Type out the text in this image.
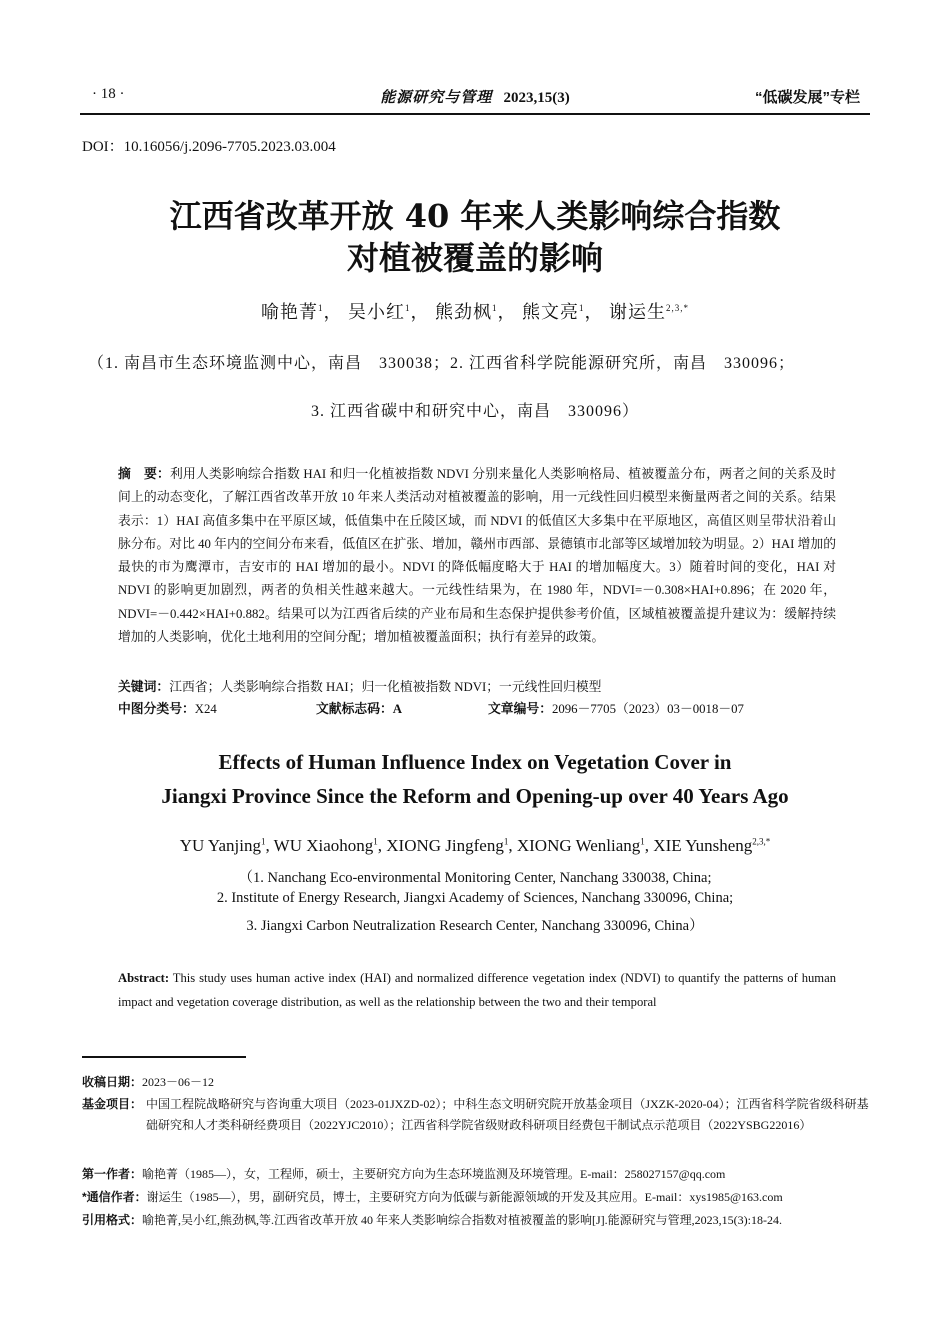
· 18 ·	能源研究与管理 2023,15(3)	“低碳发展”专栏
DOI：10.16056/j.2096-7705.2023.03.004
江西省改革开放 40 年来人类影响综合指数
对植被覆盖的影响
喻艳菁$^1$， 吴小红$^1$， 熊劲枫$^1$， 熊文亮$^1$， 谢运生$^{2,3,*}$
（1. 南昌市生态环境监测中心，南昌　330038；2. 江西省科学院能源研究所，南昌　330096；
3. 江西省碳中和研究中心，南昌　330096）
摘　要：利用人类影响综合指数 HAI 和归一化植被指数 NDVI 分别来量化人类影响格局、植被覆盖分布，两者之间的关系及时间上的动态变化，了解江西省改革开放 10 年来人类活动对植被覆盖的影响，用一元线性回归模型来衡量两者之间的关系。结果表示：1）HAI 高值多集中在平原区域，低值集中在丘陵区域，而 NDVI 的低值区大多集中在平原地区，高值区则呈带状沿着山脉分布。对比 40 年内的空间分布来看，低值区在扩张、增加，赣州市西部、景德镇市北部等区域增加较为明显。2）HAI 增加的最快的市为鹰潭市，吉安市的 HAI 增加的最小。NDVI 的降低幅度略大于 HAI 的增加幅度大。3）随着时间的变化，HAI 对 NDVI 的影响更加剧烈，两者的负相关性越来越大。一元线性结果为，在 1980 年，NDVI=－0.308×HAI+0.896；在 2020 年，NDVI=－0.442×HAI+0.882。结果可以为江西省后续的产业布局和生态保护提供参考价值，区域植被覆盖提升建议为：缓解持续增加的人类影响，优化土地利用的空间分配；增加植被覆盖面积；执行有差异的政策。
关键词：江西省；人类影响综合指数 HAI；归一化植被指数 NDVI；一元线性回归模型
中图分类号：X24	文献标志码：A	文章编号：2096－7705（2023）03－0018－07
Effects of Human Influence Index on Vegetation Cover in
Jiangxi Province Since the Reform and Opening-up over 40 Years Ago
YU Yanjing$^1$, WU Xiaohong$^1$, XIONG Jingfeng$^1$, XIONG Wenliang$^1$, XIE Yunsheng$^{2,3,*}$
（1. Nanchang Eco-environmental Monitoring Center, Nanchang 330038, China;
2. Institute of Energy Research, Jiangxi Academy of Sciences, Nanchang 330096, China;
3. Jiangxi Carbon Neutralization Research Center, Nanchang 330096, China）
Abstract: This study uses human active index (HAI) and normalized difference vegetation index (NDVI) to quantify the patterns of human impact and vegetation coverage distribution, as well as the relationship between the two and their temporal
收稿日期：2023－06－12
基金项目： 中国工程院战略研究与咨询重大项目（2023-01JXZD-02）；中科生态文明研究院开放基金项目（JXZK-2020-04）；江西省科学院省级科研基础研究和人才类科研经费项目（2022YJC2010）；江西省科学院省级财政科研项目经费包干制试点示范项目（2022YSBG22016）
第一作者：喻艳菁（1985—），女，工程师，硕士，主要研究方向为生态环境监测及环境管理。E-mail：258027157@qq.com
*通信作者：谢运生（1985—），男，副研究员，博士，主要研究方向为低碳与新能源领域的开发及其应用。E-mail：xys1985@163.com
引用格式：喻艳菁,吴小红,熊劲枫,等.江西省改革开放 40 年来人类影响综合指数对植被覆盖的影响[J].能源研究与管理,2023,15(3):18-24.
